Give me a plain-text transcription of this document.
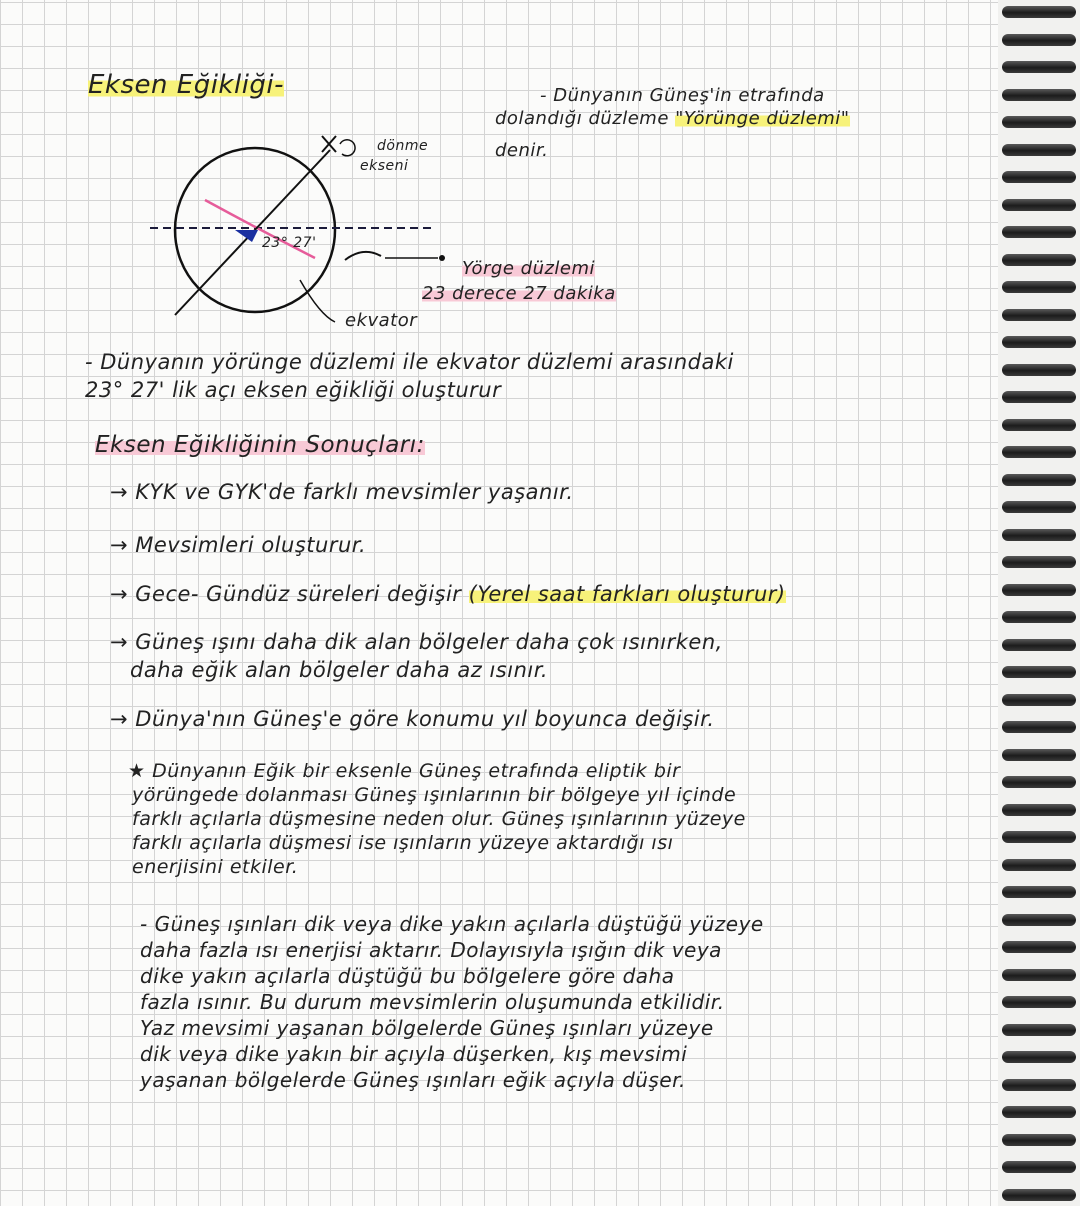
Eksen Eğikliği-	- Dünyanın Güneş'in etrafında
dolandığı düzleme "Yörünge düzlemi"
denir.
dönme
ekseni
23° 27'
Yörge düzlemi
23 derece 27 dakika
ekvator
- Dünyanın yörünge düzlemi ile ekvator düzlemi arasındaki
23° 27' lik açı eksen eğikliği oluşturur
Eksen Eğikliğinin Sonuçları:
→ KYK ve GYK'de farklı mevsimler yaşanır.
→ Mevsimleri oluşturur.
→ Gece- Gündüz süreleri değişir (Yerel saat farkları oluşturur)
→ Güneş ışını daha dik alan bölgeler daha çok ısınırken,
daha eğik alan bölgeler daha az ısınır.
→ Dünya'nın Güneş'e göre konumu yıl boyunca değişir.
★ Dünyanın Eğik bir eksenle Güneş etrafında eliptik bir
yörüngede dolanması Güneş ışınlarının bir bölgeye yıl içinde
farklı açılarla düşmesine neden olur. Güneş ışınlarının yüzeye
farklı açılarla düşmesi ise ışınların yüzeye aktardığı ısı
enerjisini etkiler.
- Güneş ışınları dik veya dike yakın açılarla düştüğü yüzeye
daha fazla ısı enerjisi aktarır. Dolayısıyla ışığın dik veya
dike yakın açılarla düştüğü bu bölgelere göre daha
fazla ısınır. Bu durum mevsimlerin oluşumunda etkilidir.
Yaz mevsimi yaşanan bölgelerde Güneş ışınları yüzeye
dik veya dike yakın bir açıyla düşerken, kış mevsimi
yaşanan bölgelerde Güneş ışınları eğik açıyla düşer.
